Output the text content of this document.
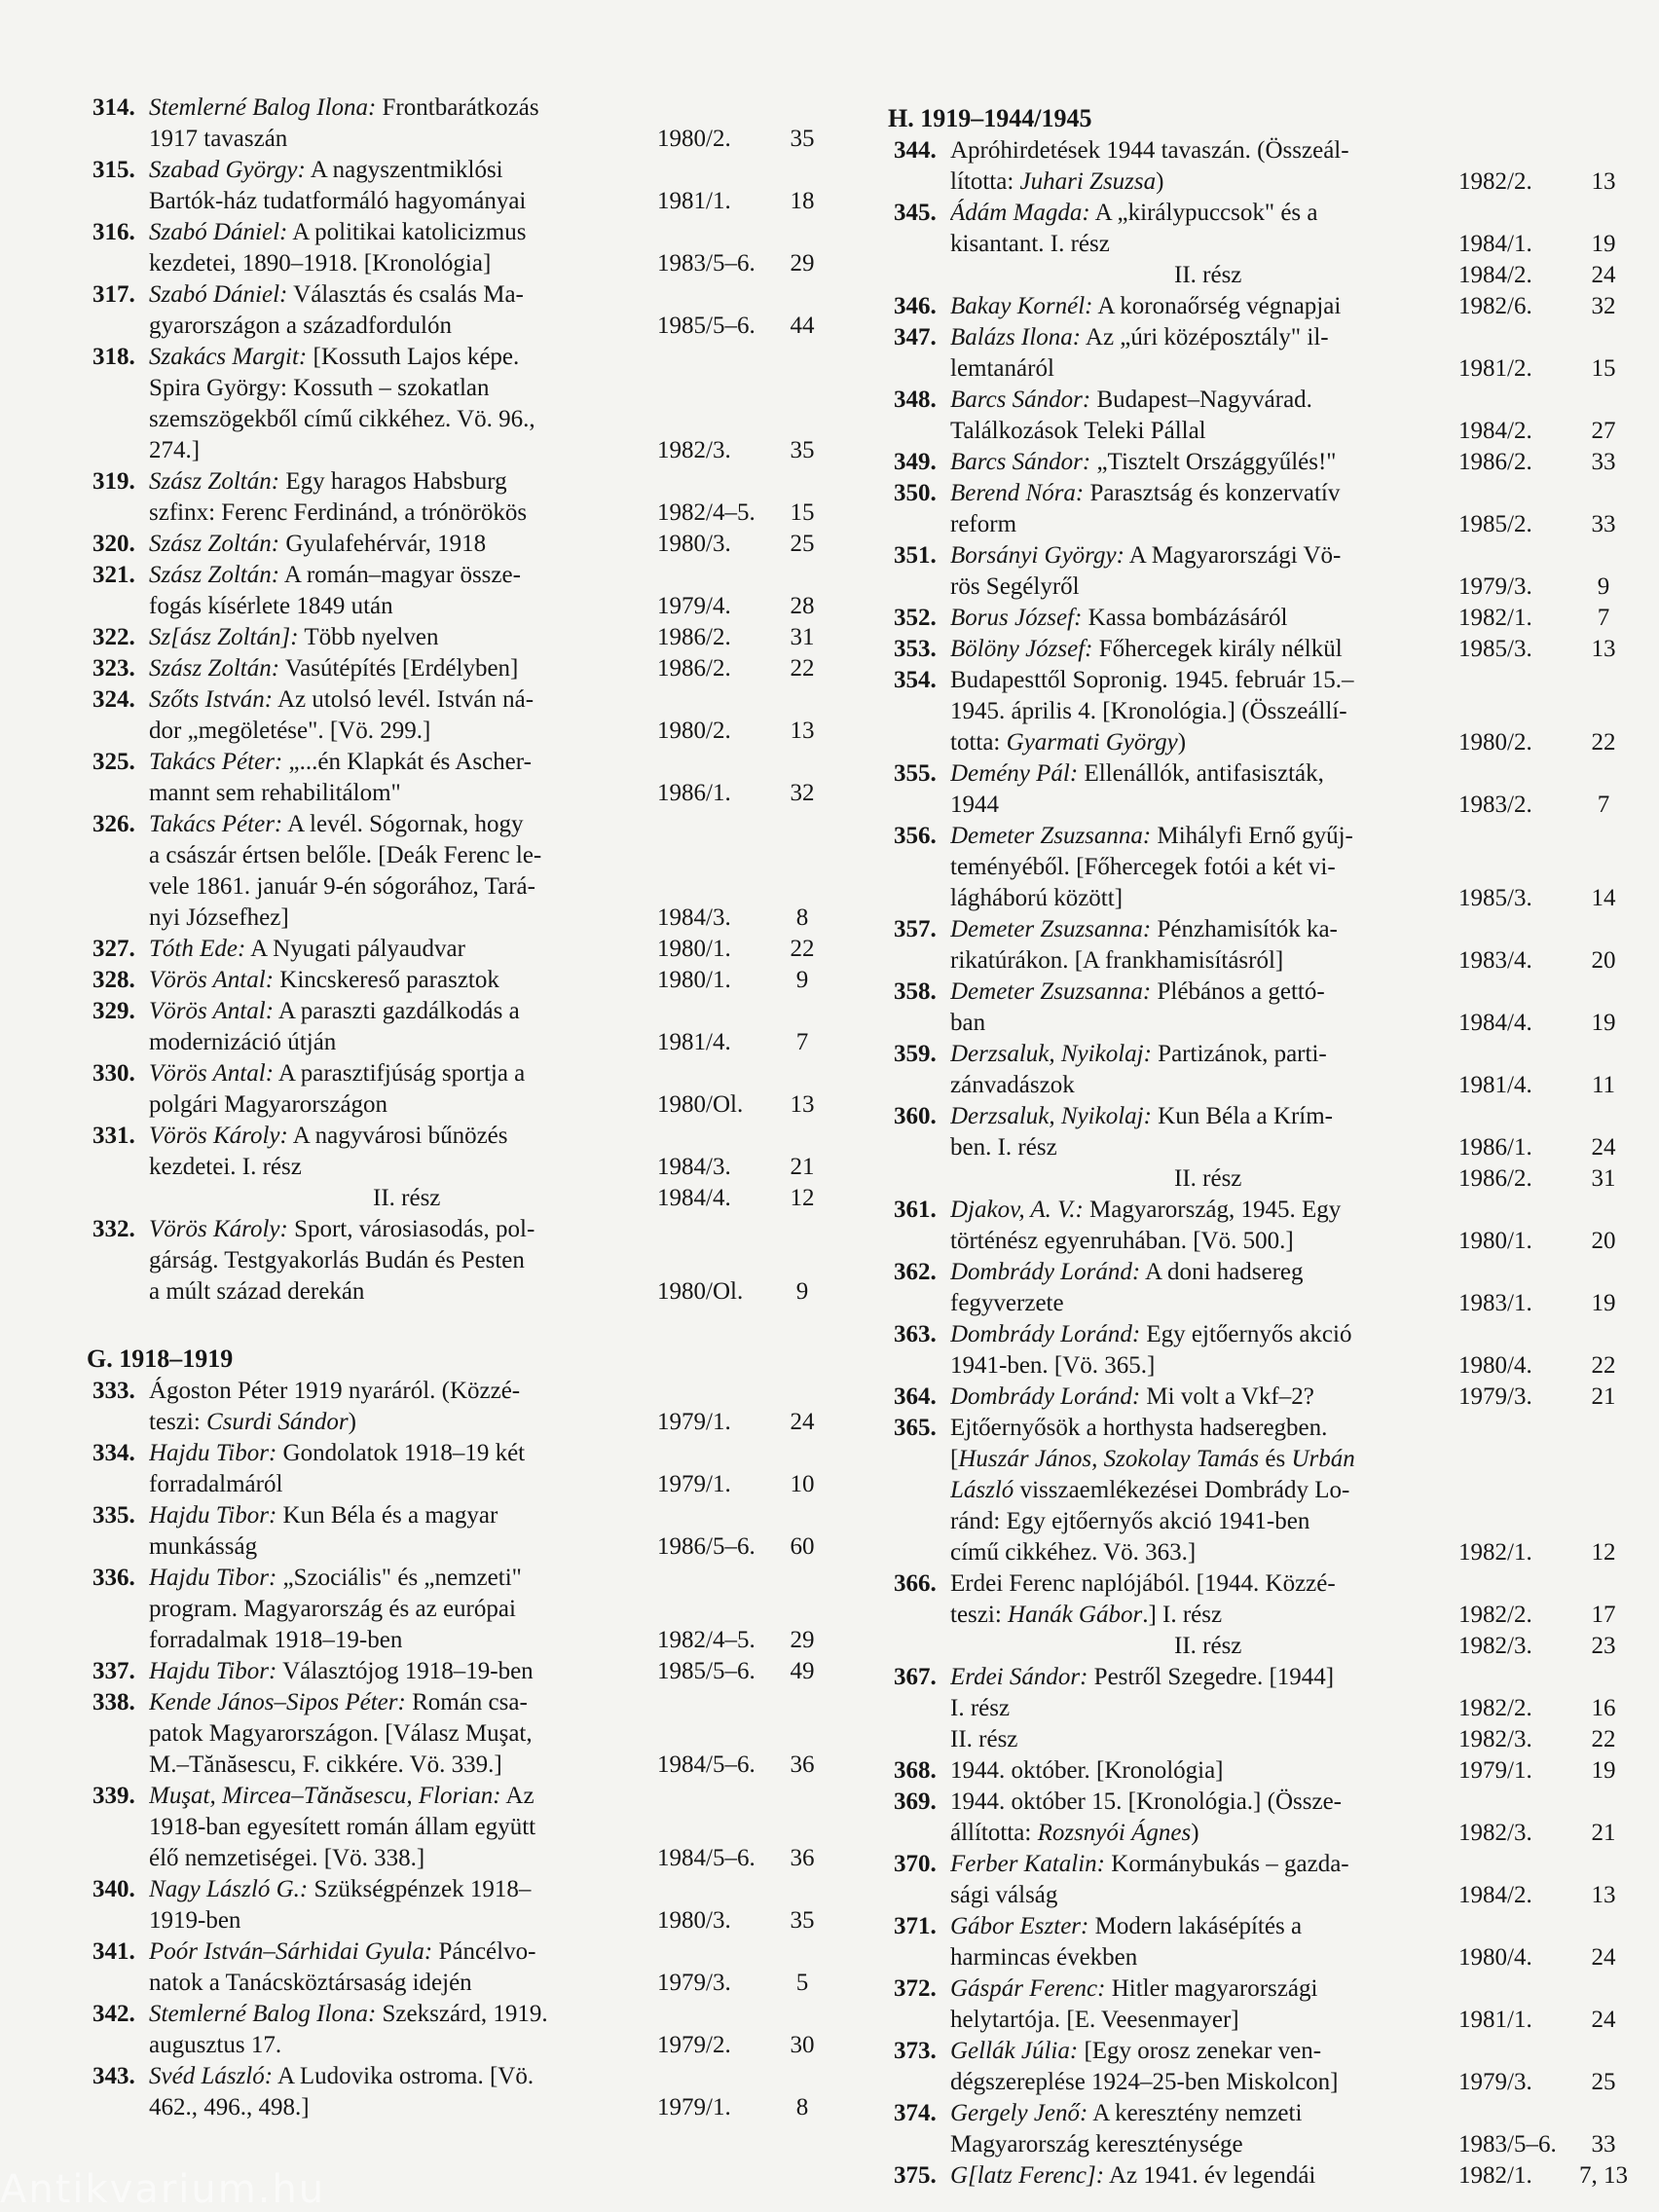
314. Stemlerné Balog Ilona: Frontbarátkozás
1917 tavaszán	1980/2.	35
315. Szabad György: A nagyszentmiklósi
Bartók-ház tudatformáló hagyományai	1981/1.	18
316. Szabó Dániel: A politikai katolicizmus
kezdetei, 1890–1918. [Kronológia]	1983/5–6.	29
317. Szabó Dániel: Választás és csalás Ma-
gyarországon a századfordulón	1985/5–6.	44
318. Szakács Margit: [Kossuth Lajos képe.
Spira György: Kossuth – szokatlan
szemszögekből című cikkéhez. Vö. 96.,
274.]	1982/3.	35
319. Szász Zoltán: Egy haragos Habsburg
szfinx: Ferenc Ferdinánd, a trónörökös	1982/4–5.	15
320. Szász Zoltán: Gyulafehérvár, 1918	1980/3.	25
321. Szász Zoltán: A román–magyar össze-
fogás kísérlete 1849 után	1979/4.	28
322. Sz[ász Zoltán]: Több nyelven	1986/2.	31
323. Szász Zoltán: Vasútépítés [Erdélyben]	1986/2.	22
324. Szőts István: Az utolsó levél. István ná-
dor „megöletése". [Vö. 299.]	1980/2.	13
325. Takács Péter: „...én Klapkát és Ascher-
mannt sem rehabilitálom"	1986/1.	32
326. Takács Péter: A levél. Sógornak, hogy
a császár értsen belőle. [Deák Ferenc le-
vele 1861. január 9-én sógorához, Tará-
nyi Józsefhez]	1984/3.	8
327. Tóth Ede: A Nyugati pályaudvar	1980/1.	22
328. Vörös Antal: Kincskereső parasztok	1980/1.	9
329. Vörös Antal: A paraszti gazdálkodás a
modernizáció útján	1981/4.	7
330. Vörös Antal: A parasztifjúság sportja a
polgári Magyarországon	1980/Ol.	13
331. Vörös Károly: A nagyvárosi bűnözés
kezdetei. I. rész	1984/3.	21
II. rész	1984/4.	12
332. Vörös Károly: Sport, városiasodás, pol-
gárság. Testgyakorlás Budán és Pesten
a múlt század derekán	1980/Ol.	9
G. 1918–1919
333. Ágoston Péter 1919 nyaráról. (Közzé-
teszi: Csurdi Sándor)	1979/1.	24
334. Hajdu Tibor: Gondolatok 1918–19 két
forradalmáról	1979/1.	10
335. Hajdu Tibor: Kun Béla és a magyar
munkásság	1986/5–6.	60
336. Hajdu Tibor: „Szociális" és „nemzeti"
program. Magyarország és az európai
forradalmak 1918–19-ben	1982/4–5.	29
337. Hajdu Tibor: Választójog 1918–19-ben	1985/5–6.	49
338. Kende János–Sipos Péter: Román csa-
patok Magyarországon. [Válasz Muşat,
M.–Tănăsescu, F. cikkére. Vö. 339.]	1984/5–6.	36
339. Muşat, Mircea–Tănăsescu, Florian: Az
1918-ban egyesített román állam együtt
élő nemzetiségei. [Vö. 338.]	1984/5–6.	36
340. Nagy László G.: Szükségpénzek 1918–
1919-ben	1980/3.	35
341. Poór István–Sárhidai Gyula: Páncélvo-
natok a Tanácsköztársaság idején	1979/3.	5
342. Stemlerné Balog Ilona: Szekszárd, 1919.
augusztus 17.	1979/2.	30
343. Svéd László: A Ludovika ostroma. [Vö.
462., 496., 498.]	1979/1.	8
H. 1919–1944/1945
344. Apróhirdetések 1944 tavaszán. (Összeál-
lította: Juhari Zsuzsa)	1982/2.	13
345. Ádám Magda: A „királypuccsok" és a
kisantant. I. rész	1984/1.	19
II. rész	1984/2.	24
346. Bakay Kornél: A koronaőrség végnapjai	1982/6.	32
347. Balázs Ilona: Az „úri középosztály" il-
lemtanáról	1981/2.	15
348. Barcs Sándor: Budapest–Nagyvárad.
Találkozások Teleki Pállal	1984/2.	27
349. Barcs Sándor: „Tisztelt Országgyűlés!"	1986/2.	33
350. Berend Nóra: Parasztság és konzervatív
reform	1985/2.	33
351. Borsányi György: A Magyarországi Vö-
rös Segélyről	1979/3.	9
352. Borus József: Kassa bombázásáról	1982/1.	7
353. Bölöny József: Főhercegek király nélkül	1985/3.	13
354. Budapesttől Sopronig. 1945. február 15.–
1945. április 4. [Kronológia.] (Összeállí-
totta: Gyarmati György)	1980/2.	22
355. Demény Pál: Ellenállók, antifasiszták,
1944	1983/2.	7
356. Demeter Zsuzsanna: Mihályfi Ernő gyűj-
teményéből. [Főhercegek fotói a két vi-
lágháború között]	1985/3.	14
357. Demeter Zsuzsanna: Pénzhamisítók ka-
rikatúrákon. [A frankhamisításról]	1983/4.	20
358. Demeter Zsuzsanna: Plébános a gettó-
ban	1984/4.	19
359. Derzsaluk, Nyikolaj: Partizánok, parti-
zánvadászok	1981/4.	11
360. Derzsaluk, Nyikolaj: Kun Béla a Krím-
ben. I. rész	1986/1.	24
II. rész	1986/2.	31
361. Djakov, A. V.: Magyarország, 1945. Egy
történész egyenruhában. [Vö. 500.]	1980/1.	20
362. Dombrády Loránd: A doni hadsereg
fegyverzete	1983/1.	19
363. Dombrády Loránd: Egy ejtőernyős akció
1941-ben. [Vö. 365.]	1980/4.	22
364. Dombrády Loránd: Mi volt a Vkf–2?	1979/3.	21
365. Ejtőernyősök a horthysta hadseregben.
[Huszár János, Szokolay Tamás és Urbán
László visszaemlékezései Dombrády Lo-
ránd: Egy ejtőernyős akció 1941-ben
című cikkéhez. Vö. 363.]	1982/1.	12
366. Erdei Ferenc naplójából. [1944. Közzé-
teszi: Hanák Gábor.] I. rész	1982/2.	17
II. rész	1982/3.	23
367. Erdei Sándor: Pestről Szegedre. [1944]
I. rész	1982/2.	16
II. rész	1982/3.	22
368. 1944. október. [Kronológia]	1979/1.	19
369. 1944. október 15. [Kronológia.] (Össze-
állította: Rozsnyói Ágnes)	1982/3.	21
370. Ferber Katalin: Kormánybukás – gazda-
sági válság	1984/2.	13
371. Gábor Eszter: Modern lakásépítés a
harmincas években	1980/4.	24
372. Gáspár Ferenc: Hitler magyarországi
helytartója. [E. Veesenmayer]	1981/1.	24
373. Gellák Júlia: [Egy orosz zenekar ven-
dégszereplése 1924–25-ben Miskolcon]	1979/3.	25
374. Gergely Jenő: A keresztény nemzeti
Magyarország kereszténysége	1983/5–6.	33
375. G[latz Ferenc]: Az 1941. év legendái	1982/1.	7, 13
Antikvarium.hu
